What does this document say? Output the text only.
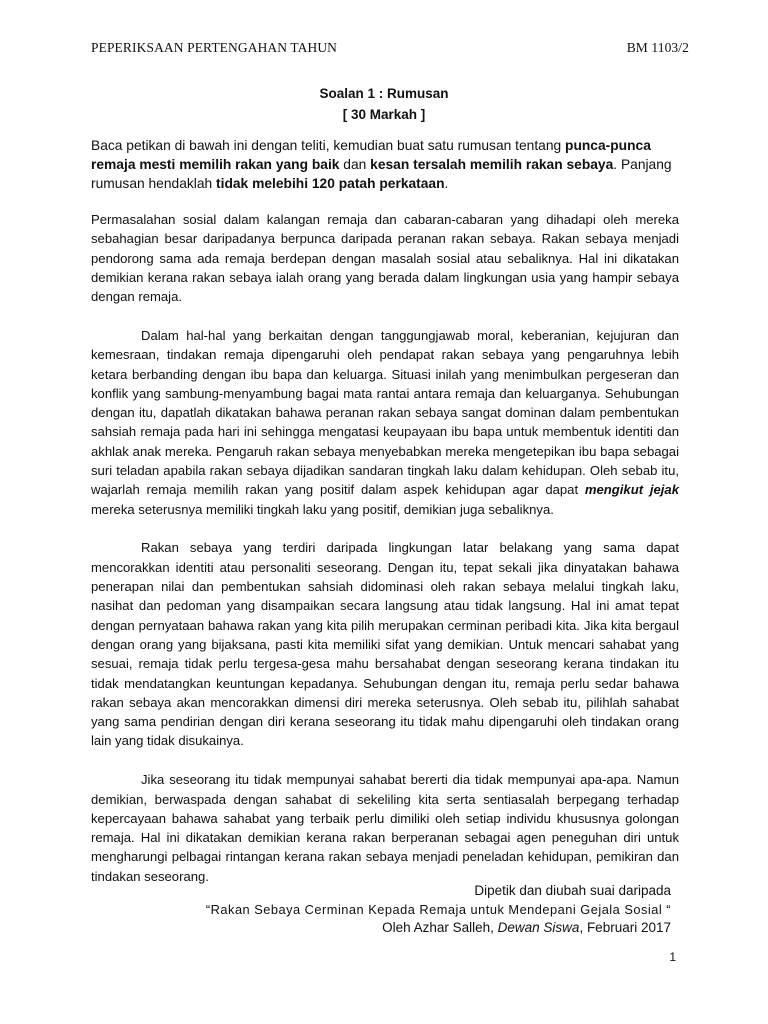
PEPERIKSAAN PERTENGAHAN TAHUN	BM 1103/2
Soalan 1 : Rumusan
[ 30 Markah ]
Baca petikan di bawah ini dengan teliti, kemudian buat satu rumusan tentang punca-punca remaja mesti memilih rakan yang baik dan kesan tersalah memilih rakan sebaya. Panjang rumusan hendaklah tidak melebihi 120 patah perkataan.

Permasalahan sosial dalam kalangan remaja dan cabaran-cabaran yang dihadapi oleh mereka sebahagian besar daripadanya berpunca daripada peranan rakan sebaya. Rakan sebaya menjadi pendorong sama ada remaja berdepan dengan masalah sosial atau sebaliknya. Hal ini dikatakan demikian kerana rakan sebaya ialah orang yang berada dalam lingkungan usia yang hampir sebaya dengan remaja.

Dalam hal-hal yang berkaitan dengan tanggungjawab moral, keberanian, kejujuran dan kemesraan, tindakan remaja dipengaruhi oleh pendapat rakan sebaya yang pengaruhnya lebih ketara berbanding dengan ibu bapa dan keluarga. Situasi inilah yang menimbulkan pergeseran dan konflik yang sambung-menyambung bagai mata rantai antara remaja dan keluarganya. Sehubungan dengan itu, dapatlah dikatakan bahawa peranan rakan sebaya sangat dominan dalam pembentukan sahsiah remaja pada hari ini sehingga mengatasi keupayaan ibu bapa untuk membentuk identiti dan akhlak anak mereka. Pengaruh rakan sebaya menyebabkan mereka mengetepikan ibu bapa sebagai suri teladan apabila rakan sebaya dijadikan sandaran tingkah laku dalam kehidupan. Oleh sebab itu, wajarlah remaja memilih rakan yang positif dalam aspek kehidupan agar dapat mengikut jejak mereka seterusnya memiliki tingkah laku yang positif, demikian juga sebaliknya.

Rakan sebaya yang terdiri daripada lingkungan latar belakang yang sama dapat mencorakkan identiti atau personaliti seseorang. Dengan itu, tepat sekali jika dinyatakan bahawa penerapan nilai dan pembentukan sahsiah didominasi oleh rakan sebaya melalui tingkah laku, nasihat dan pedoman yang disampaikan secara langsung atau tidak langsung. Hal ini amat tepat dengan pernyataan bahawa rakan yang kita pilih merupakan cerminan peribadi kita. Jika kita bergaul dengan orang yang bijaksana, pasti kita memiliki sifat yang demikian. Untuk mencari sahabat yang sesuai, remaja tidak perlu tergesa-gesa mahu bersahabat dengan seseorang kerana tindakan itu tidak mendatangkan keuntungan kepadanya. Sehubungan dengan itu, remaja perlu sedar bahawa rakan sebaya akan mencorakkan dimensi diri mereka seterusnya. Oleh sebab itu, pilihlah sahabat yang sama pendirian dengan diri kerana seseorang itu tidak mahu dipengaruhi oleh tindakan orang lain yang tidak disukainya.

Jika seseorang itu tidak mempunyai sahabat bererti dia tidak mempunyai apa-apa. Namun demikian, berwaspada dengan sahabat di sekeliling kita serta sentiasalah berpegang terhadap kepercayaan bahawa sahabat yang terbaik perlu dimiliki oleh setiap individu khususnya golongan remaja. Hal ini dikatakan demikian kerana rakan berperanan sebagai agen peneguhan diri untuk mengharungi pelbagai rintangan kerana rakan sebaya menjadi peneladan kehidupan, pemikiran dan tindakan seseorang.

Dipetik dan diubah suai daripada
“Rakan Sebaya Cerminan Kepada Remaja untuk Mendepani Gejala Sosial “
Oleh Azhar Salleh, Dewan Siswa, Februari 2017
1
